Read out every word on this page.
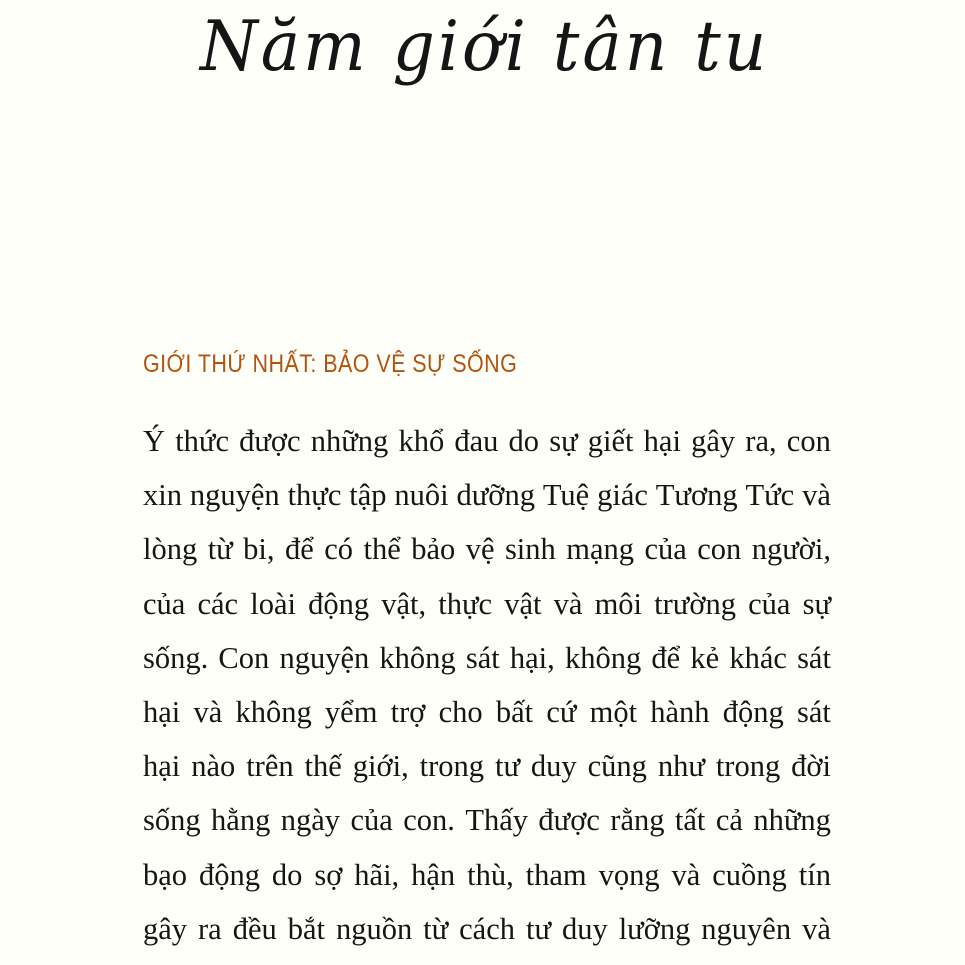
Năm giới tân tu
GIỚI THỨ NHẤT: BẢO VỆ SỰ SỐNG
Ý thức được những khổ đau do sự giết hại gây ra, con
xin nguyện thực tập nuôi dưỡng Tuệ giác Tương Tức và
lòng từ bi, để có thể bảo vệ sinh mạng của con người,
của các loài động vật, thực vật và môi trường của sự
sống. Con nguyện không sát hại, không để kẻ khác sát
hại và không yểm trợ cho bất cứ một hành động sát
hại nào trên thế giới, trong tư duy cũng như trong đời
sống hằng ngày của con. Thấy được rằng tất cả những
bạo động do sợ hãi, hận thù, tham vọng và cuồng tín
gây ra đều bắt nguồn từ cách tư duy lưỡng nguyên và
